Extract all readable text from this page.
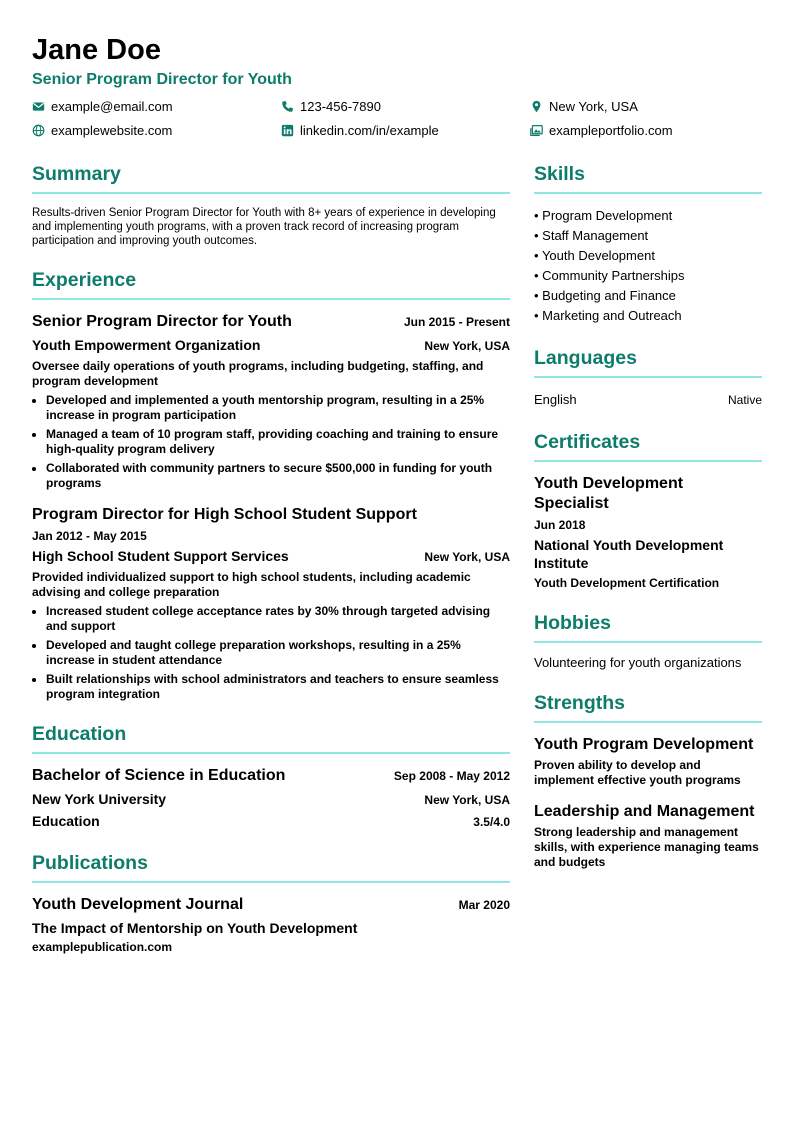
Jane Doe
Senior Program Director for Youth
example@email.com	123-456-7890	New York, USA
examplewebsite.com	linkedin.com/in/example	exampleportfolio.com
Summary
Results-driven Senior Program Director for Youth with 8+ years of experience in developing and implementing youth programs, with a proven track record of increasing program participation and improving youth outcomes.
Experience
Senior Program Director for Youth	Jun 2015 - Present
Youth Empowerment Organization	New York, USA
Oversee daily operations of youth programs, including budgeting, staffing, and program development
• Developed and implemented a youth mentorship program, resulting in a 25% increase in program participation
• Managed a team of 10 program staff, providing coaching and training to ensure high-quality program delivery
• Collaborated with community partners to secure $500,000 in funding for youth programs
Program Director for High School Student Support
Jan 2012 - May 2015
High School Student Support Services	New York, USA
Provided individualized support to high school students, including academic advising and college preparation
• Increased student college acceptance rates by 30% through targeted advising and support
• Developed and taught college preparation workshops, resulting in a 25% increase in student attendance
• Built relationships with school administrators and teachers to ensure seamless program integration
Education
Bachelor of Science in Education	Sep 2008 - May 2012
New York University	New York, USA
Education	3.5/4.0
Publications
Youth Development Journal	Mar 2020
The Impact of Mentorship on Youth Development
examplepublication.com
Skills
• Program Development
• Staff Management
• Youth Development
• Community Partnerships
• Budgeting and Finance
• Marketing and Outreach
Languages
English	Native
Certificates
Youth Development Specialist
Jun 2018
National Youth Development Institute
Youth Development Certification
Hobbies
Volunteering for youth organizations
Strengths
Youth Program Development
Proven ability to develop and implement effective youth programs
Leadership and Management
Strong leadership and management skills, with experience managing teams and budgets
